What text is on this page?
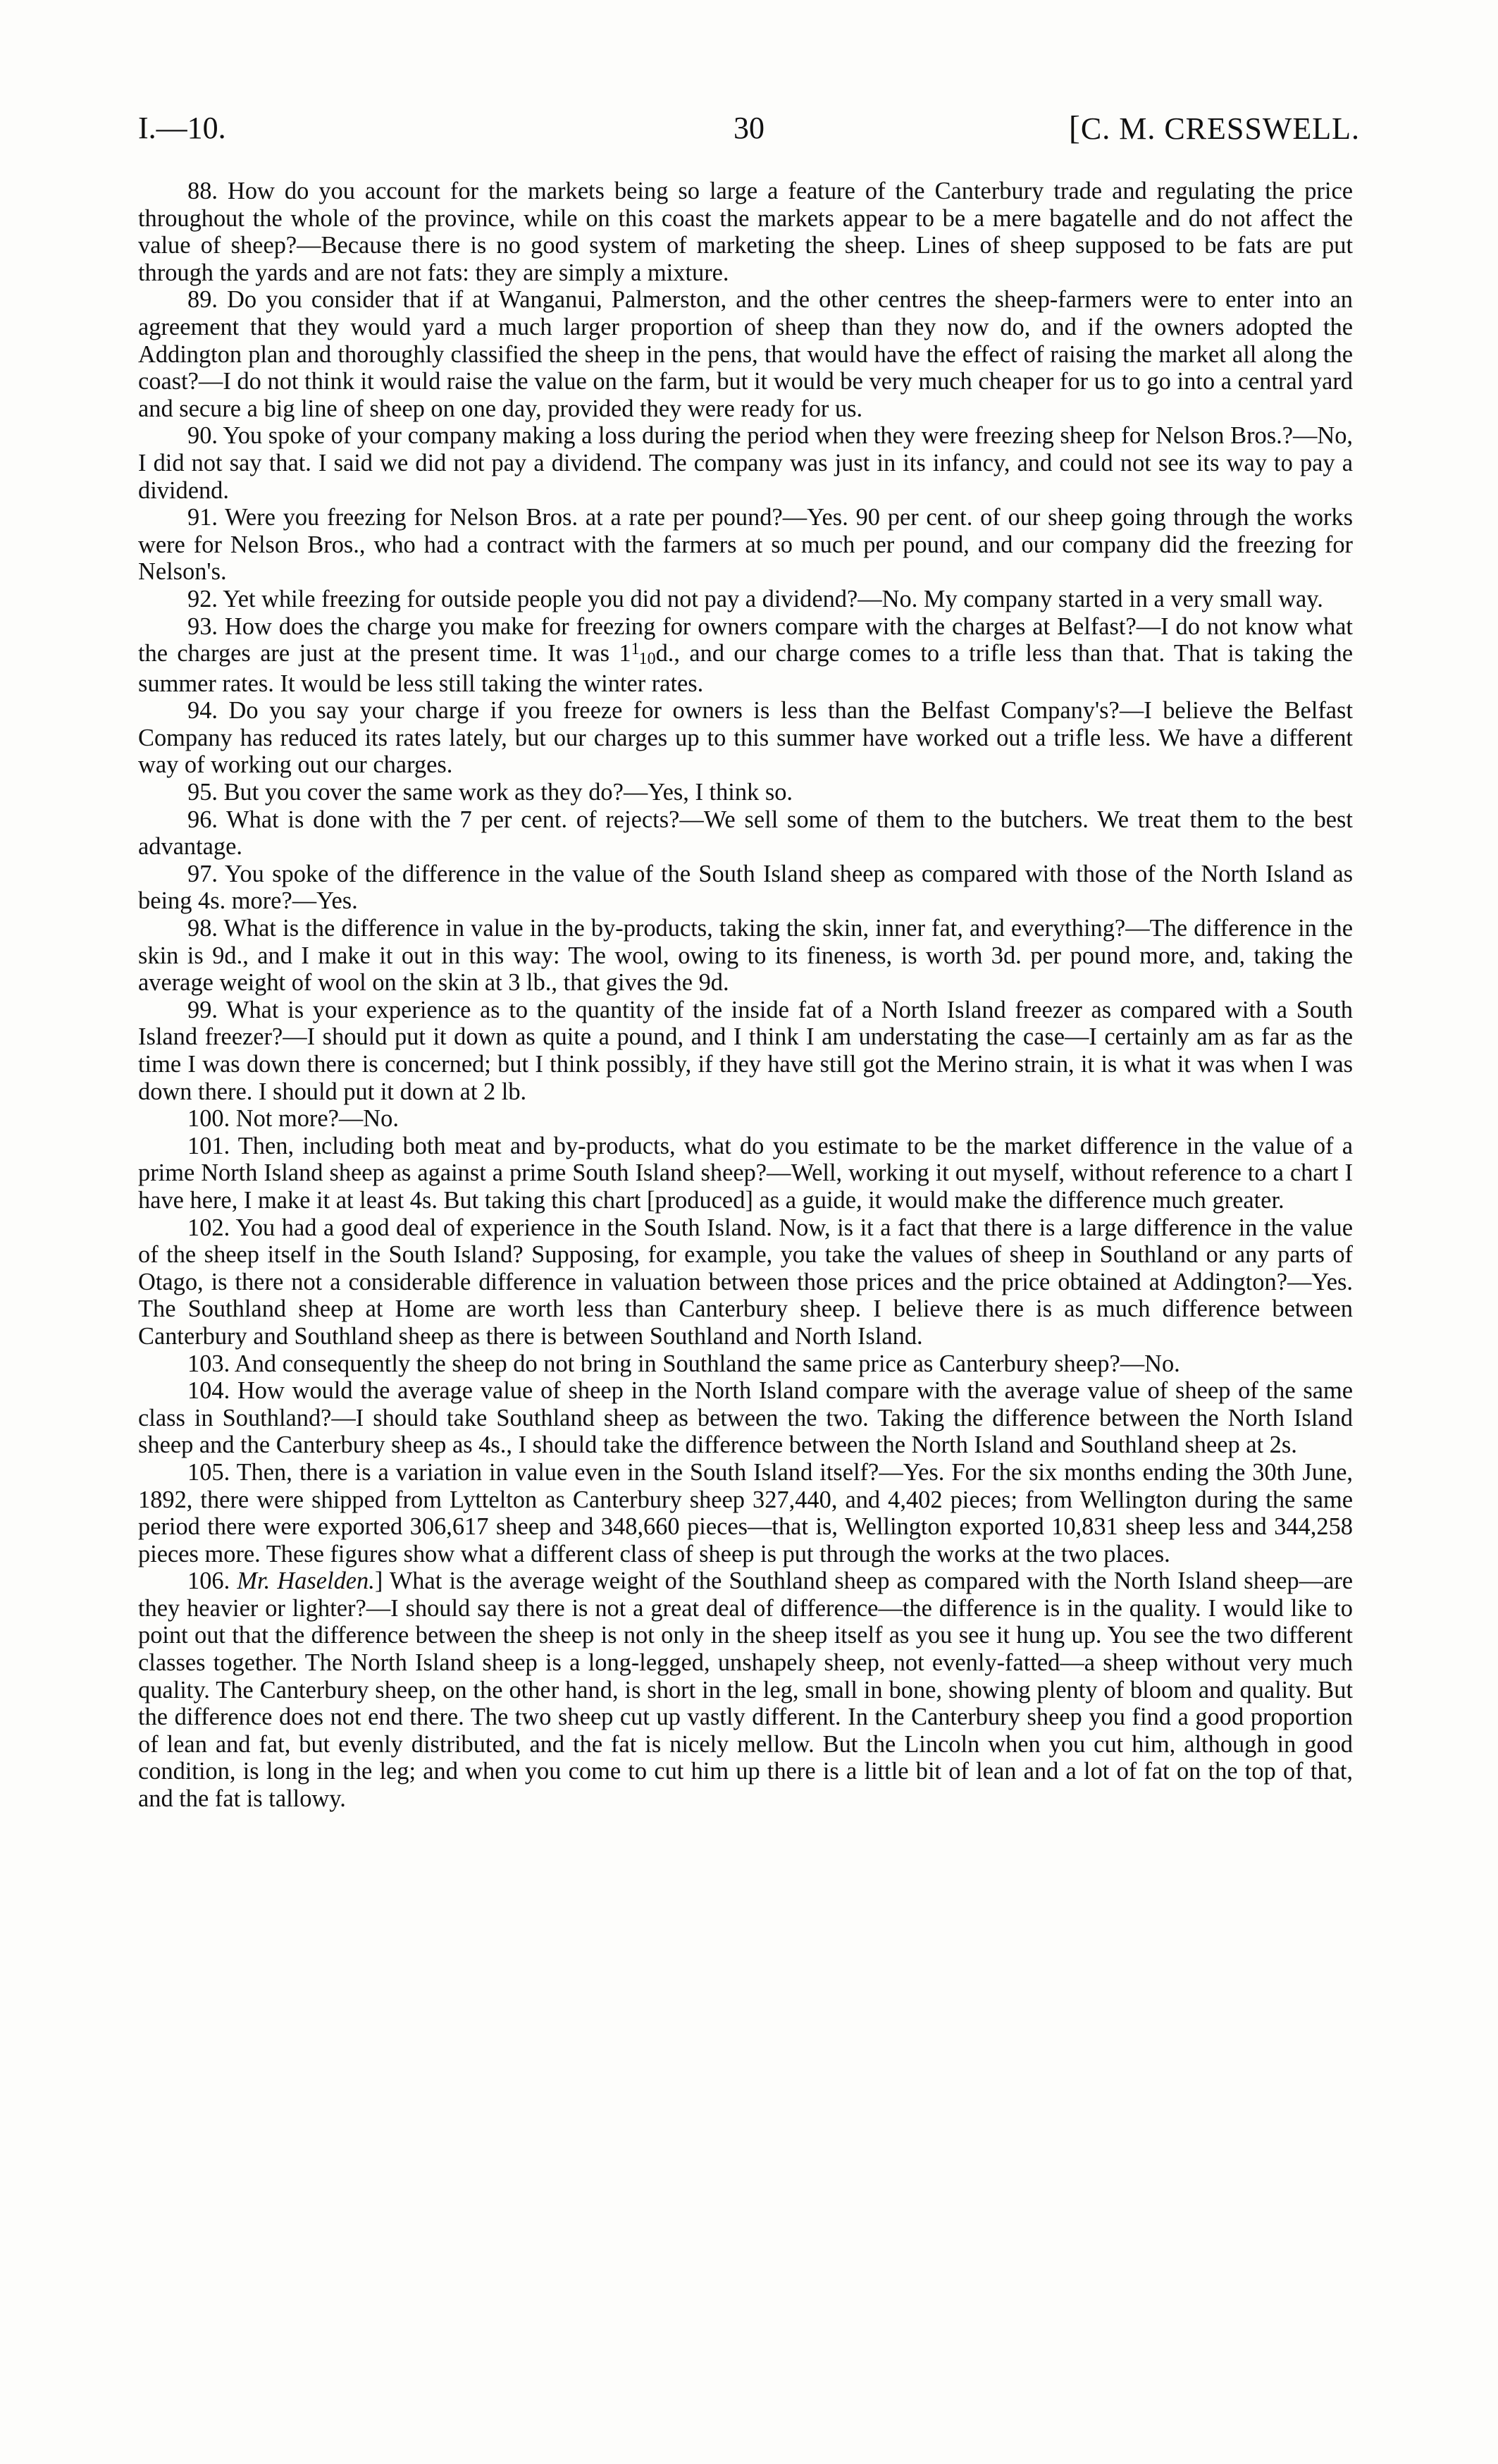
I.—10.	30	[C. M. CRESSWELL.

88. How do you account for the markets being so large a feature of the Canterbury trade and regulating the price throughout the whole of the province, while on this coast the markets appear to be a mere bagatelle and do not affect the value of sheep?—Because there is no good system of marketing the sheep. Lines of sheep supposed to be fats are put through the yards and are not fats: they are simply a mixture.

89. Do you consider that if at Wanganui, Palmerston, and the other centres the sheep-farmers were to enter into an agreement that they would yard a much larger proportion of sheep than they now do, and if the owners adopted the Addington plan and thoroughly classified the sheep in the pens, that would have the effect of raising the market all along the coast?—I do not think it would raise the value on the farm, but it would be very much cheaper for us to go into a central yard and secure a big line of sheep on one day, provided they were ready for us.

90. You spoke of your company making a loss during the period when they were freezing sheep for Nelson Bros.?—No, I did not say that. I said we did not pay a dividend. The company was just in its infancy, and could not see its way to pay a dividend.

91. Were you freezing for Nelson Bros. at a rate per pound?—Yes. 90 per cent. of our sheep going through the works were for Nelson Bros., who had a contract with the farmers at so much per pound, and our company did the freezing for Nelson's.

92. Yet while freezing for outside people you did not pay a dividend?—No. My company started in a very small way.

93. How does the charge you make for freezing for owners compare with the charges at Belfast?—I do not know what the charges are just at the present time. It was $1^110d$., and our charge comes to a trifle less than that. That is taking the summer rates. It would be less still taking the winter rates.

94. Do you say your charge if you freeze for owners is less than the Belfast Company's?—I believe the Belfast Company has reduced its rates lately, but our charges up to this summer have worked out a trifle less. We have a different way of working out our charges.

95. But you cover the same work as they do?—Yes, I think so.

96. What is done with the 7 per cent. of rejects?—We sell some of them to the butchers. We treat them to the best advantage.

97. You spoke of the difference in the value of the South Island sheep as compared with those of the North Island as being 4s. more?—Yes.

98. What is the difference in value in the by-products, taking the skin, inner fat, and everything?—The difference in the skin is 9d., and I make it out in this way: The wool, owing to its fineness, is worth 3d. per pound more, and, taking the average weight of wool on the skin at 3 lb., that gives the 9d.

99. What is your experience as to the quantity of the inside fat of a North Island freezer as compared with a South Island freezer?—I should put it down as quite a pound, and I think I am understating the case—I certainly am as far as the time I was down there is concerned; but I think possibly, if they have still got the Merino strain, it is what it was when I was down there. I should put it down at 2 lb.

100. Not more?—No.

101. Then, including both meat and by-products, what do you estimate to be the market difference in the value of a prime North Island sheep as against a prime South Island sheep?—Well, working it out myself, without reference to a chart I have here, I make it at least 4s. But taking this chart [produced] as a guide, it would make the difference much greater.

102. You had a good deal of experience in the South Island. Now, is it a fact that there is a large difference in the value of the sheep itself in the South Island? Supposing, for example, you take the values of sheep in Southland or any parts of Otago, is there not a considerable difference in valuation between those prices and the price obtained at Addington?—Yes. The Southland sheep at Home are worth less than Canterbury sheep. I believe there is as much difference between Canterbury and Southland sheep as there is between Southland and North Island.

103. And consequently the sheep do not bring in Southland the same price as Canterbury sheep?—No.

104. How would the average value of sheep in the North Island compare with the average value of sheep of the same class in Southland?—I should take Southland sheep as between the two. Taking the difference between the North Island sheep and the Canterbury sheep as 4s., I should take the difference between the North Island and Southland sheep at 2s.

105. Then, there is a variation in value even in the South Island itself?—Yes. For the six months ending the 30th June, 1892, there were shipped from Lyttelton as Canterbury sheep 327,440, and 4,402 pieces; from Wellington during the same period there were exported 306,617 sheep and 348,660 pieces—that is, Wellington exported 10,831 sheep less and 344,258 pieces more. These figures show what a different class of sheep is put through the works at the two places.

106. Mr. Haselden.] What is the average weight of the Southland sheep as compared with the North Island sheep—are they heavier or lighter?—I should say there is not a great deal of difference—the difference is in the quality. I would like to point out that the difference between the sheep is not only in the sheep itself as you see it hung up. You see the two different classes together. The North Island sheep is a long-legged, unshapely sheep, not evenly-fatted—a sheep without very much quality. The Canterbury sheep, on the other hand, is short in the leg, small in bone, showing plenty of bloom and quality. But the difference does not end there. The two sheep cut up vastly different. In the Canterbury sheep you find a good proportion of lean and fat, but evenly distributed, and the fat is nicely mellow. But the Lincoln when you cut him, although in good condition, is long in the leg; and when you come to cut him up there is a little bit of lean and a lot of fat on the top of that, and the fat is tallowy.
